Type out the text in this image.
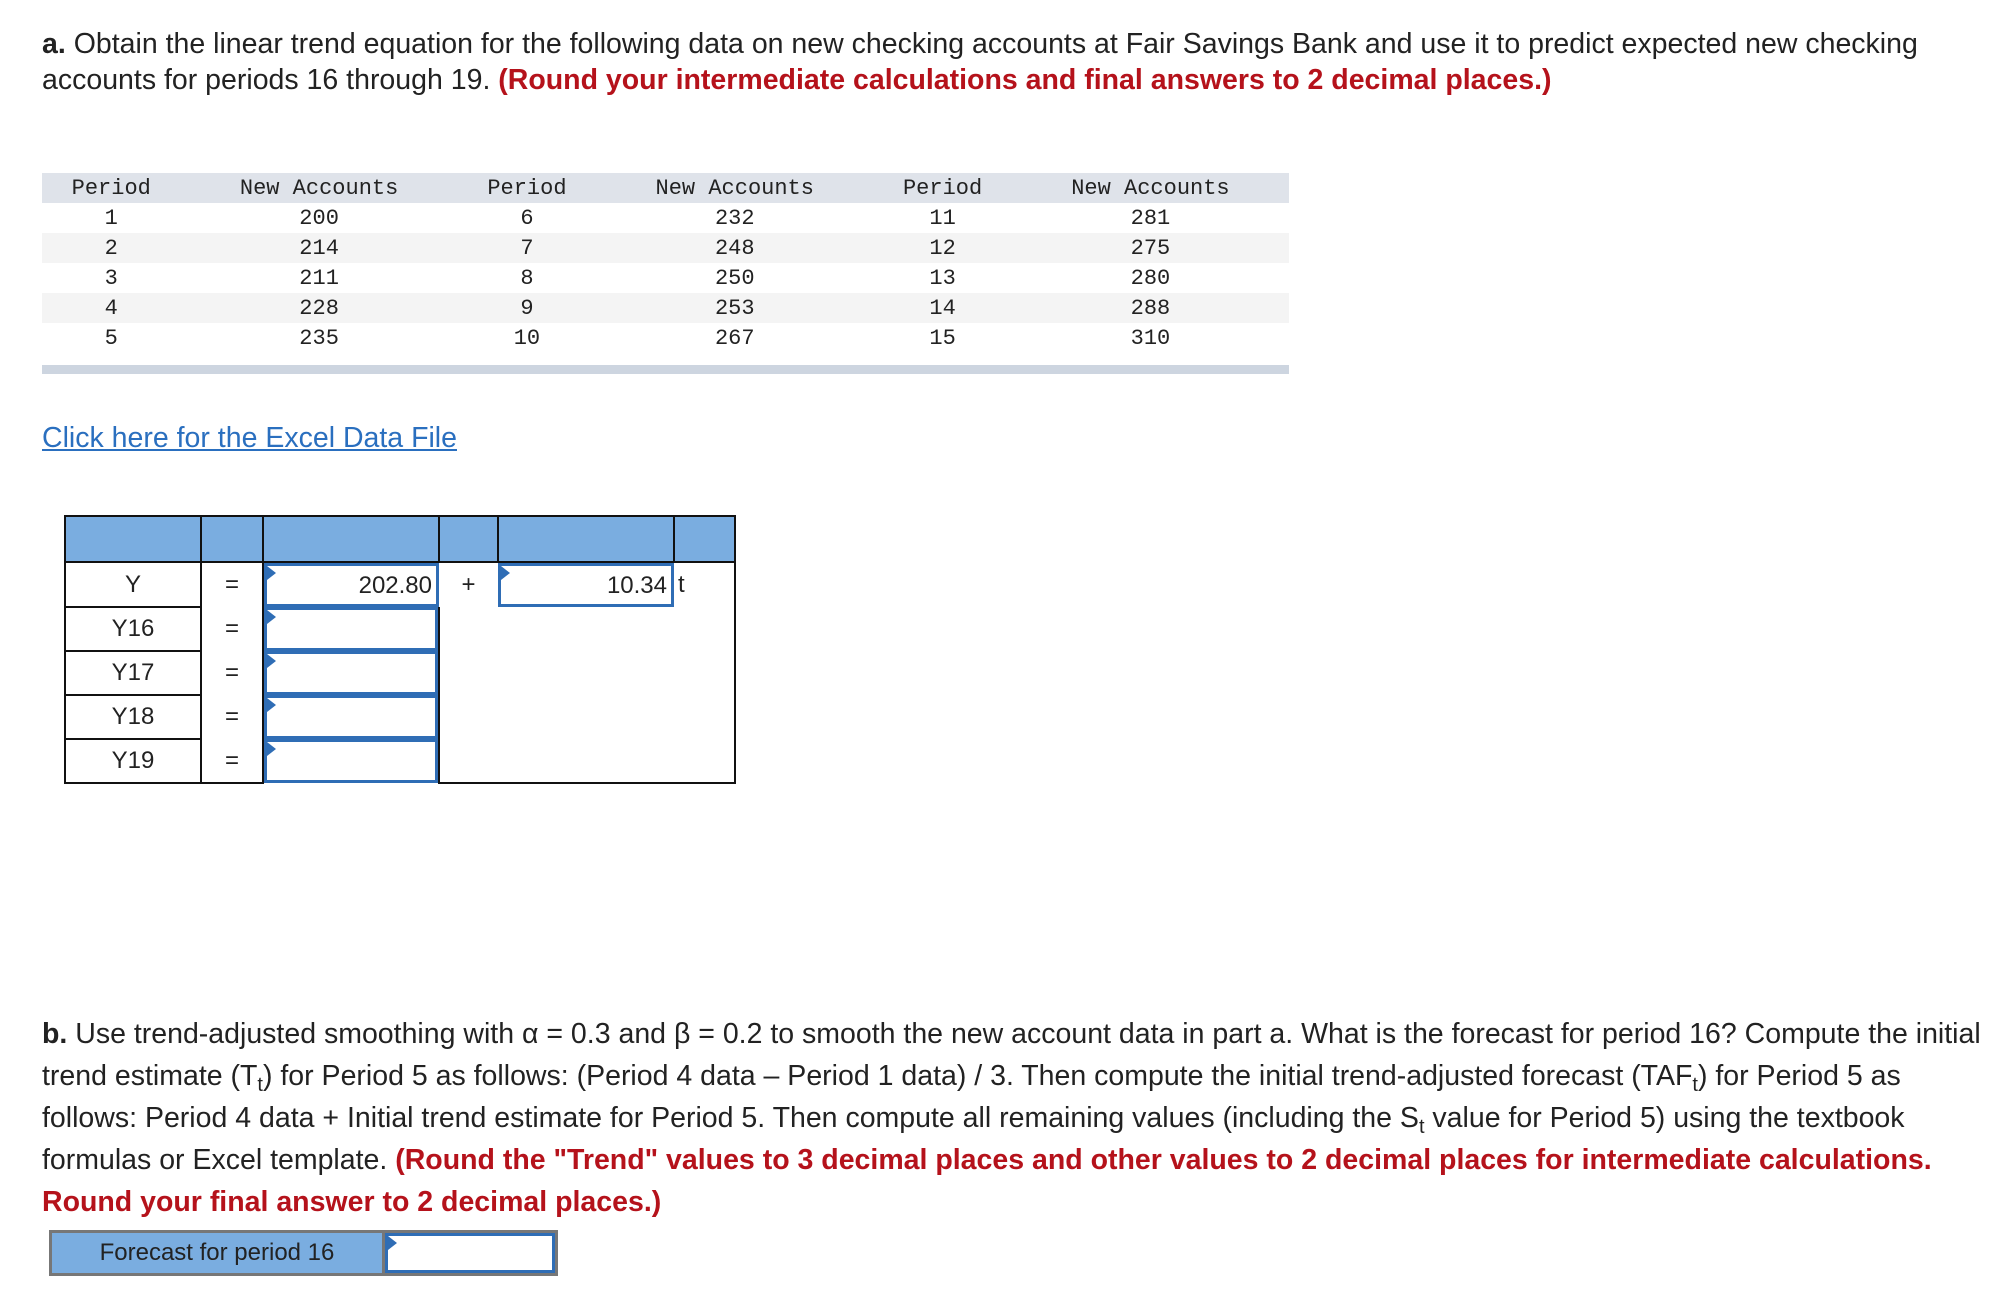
a. Obtain the linear trend equation for the following data on new checking accounts at Fair Savings Bank and use it to predict expected new checking accounts for periods 16 through 19. (Round your intermediate calculations and final answers to 2 decimal places.)
Period	New Accounts	Period	New Accounts	Period	New Accounts
1	200	6	232	11	281
2	214	7	248	12	275
3	211	8	250	13	280
4	228	9	253	14	288
5	235	10	267	15	310
Click here for the Excel Data File

Y	=	202.80	+	10.34	t
Y16	=			

Y17	=			

Y18	=			

Y19	=			

b. Use trend-adjusted smoothing with α = 0.3 and β = 0.2 to smooth the new account data in part a. What is the forecast for period 16? Compute the initial trend estimate $(T_t)$ for Period 5 as follows: (Period 4 data – Period 1 data) / 3. Then compute the initial trend-adjusted forecast $(TAF_t)$ for Period 5 as follows: Period 4 data + Initial trend estimate for Period 5. Then compute all remaining values (including the $S_t$ value for Period 5) using the textbook formulas or Excel template. (Round the "Trend" values to 3 decimal places and other values to 2 decimal places for intermediate calculations. Round your final answer to 2 decimal places.)
Forecast for period 16
